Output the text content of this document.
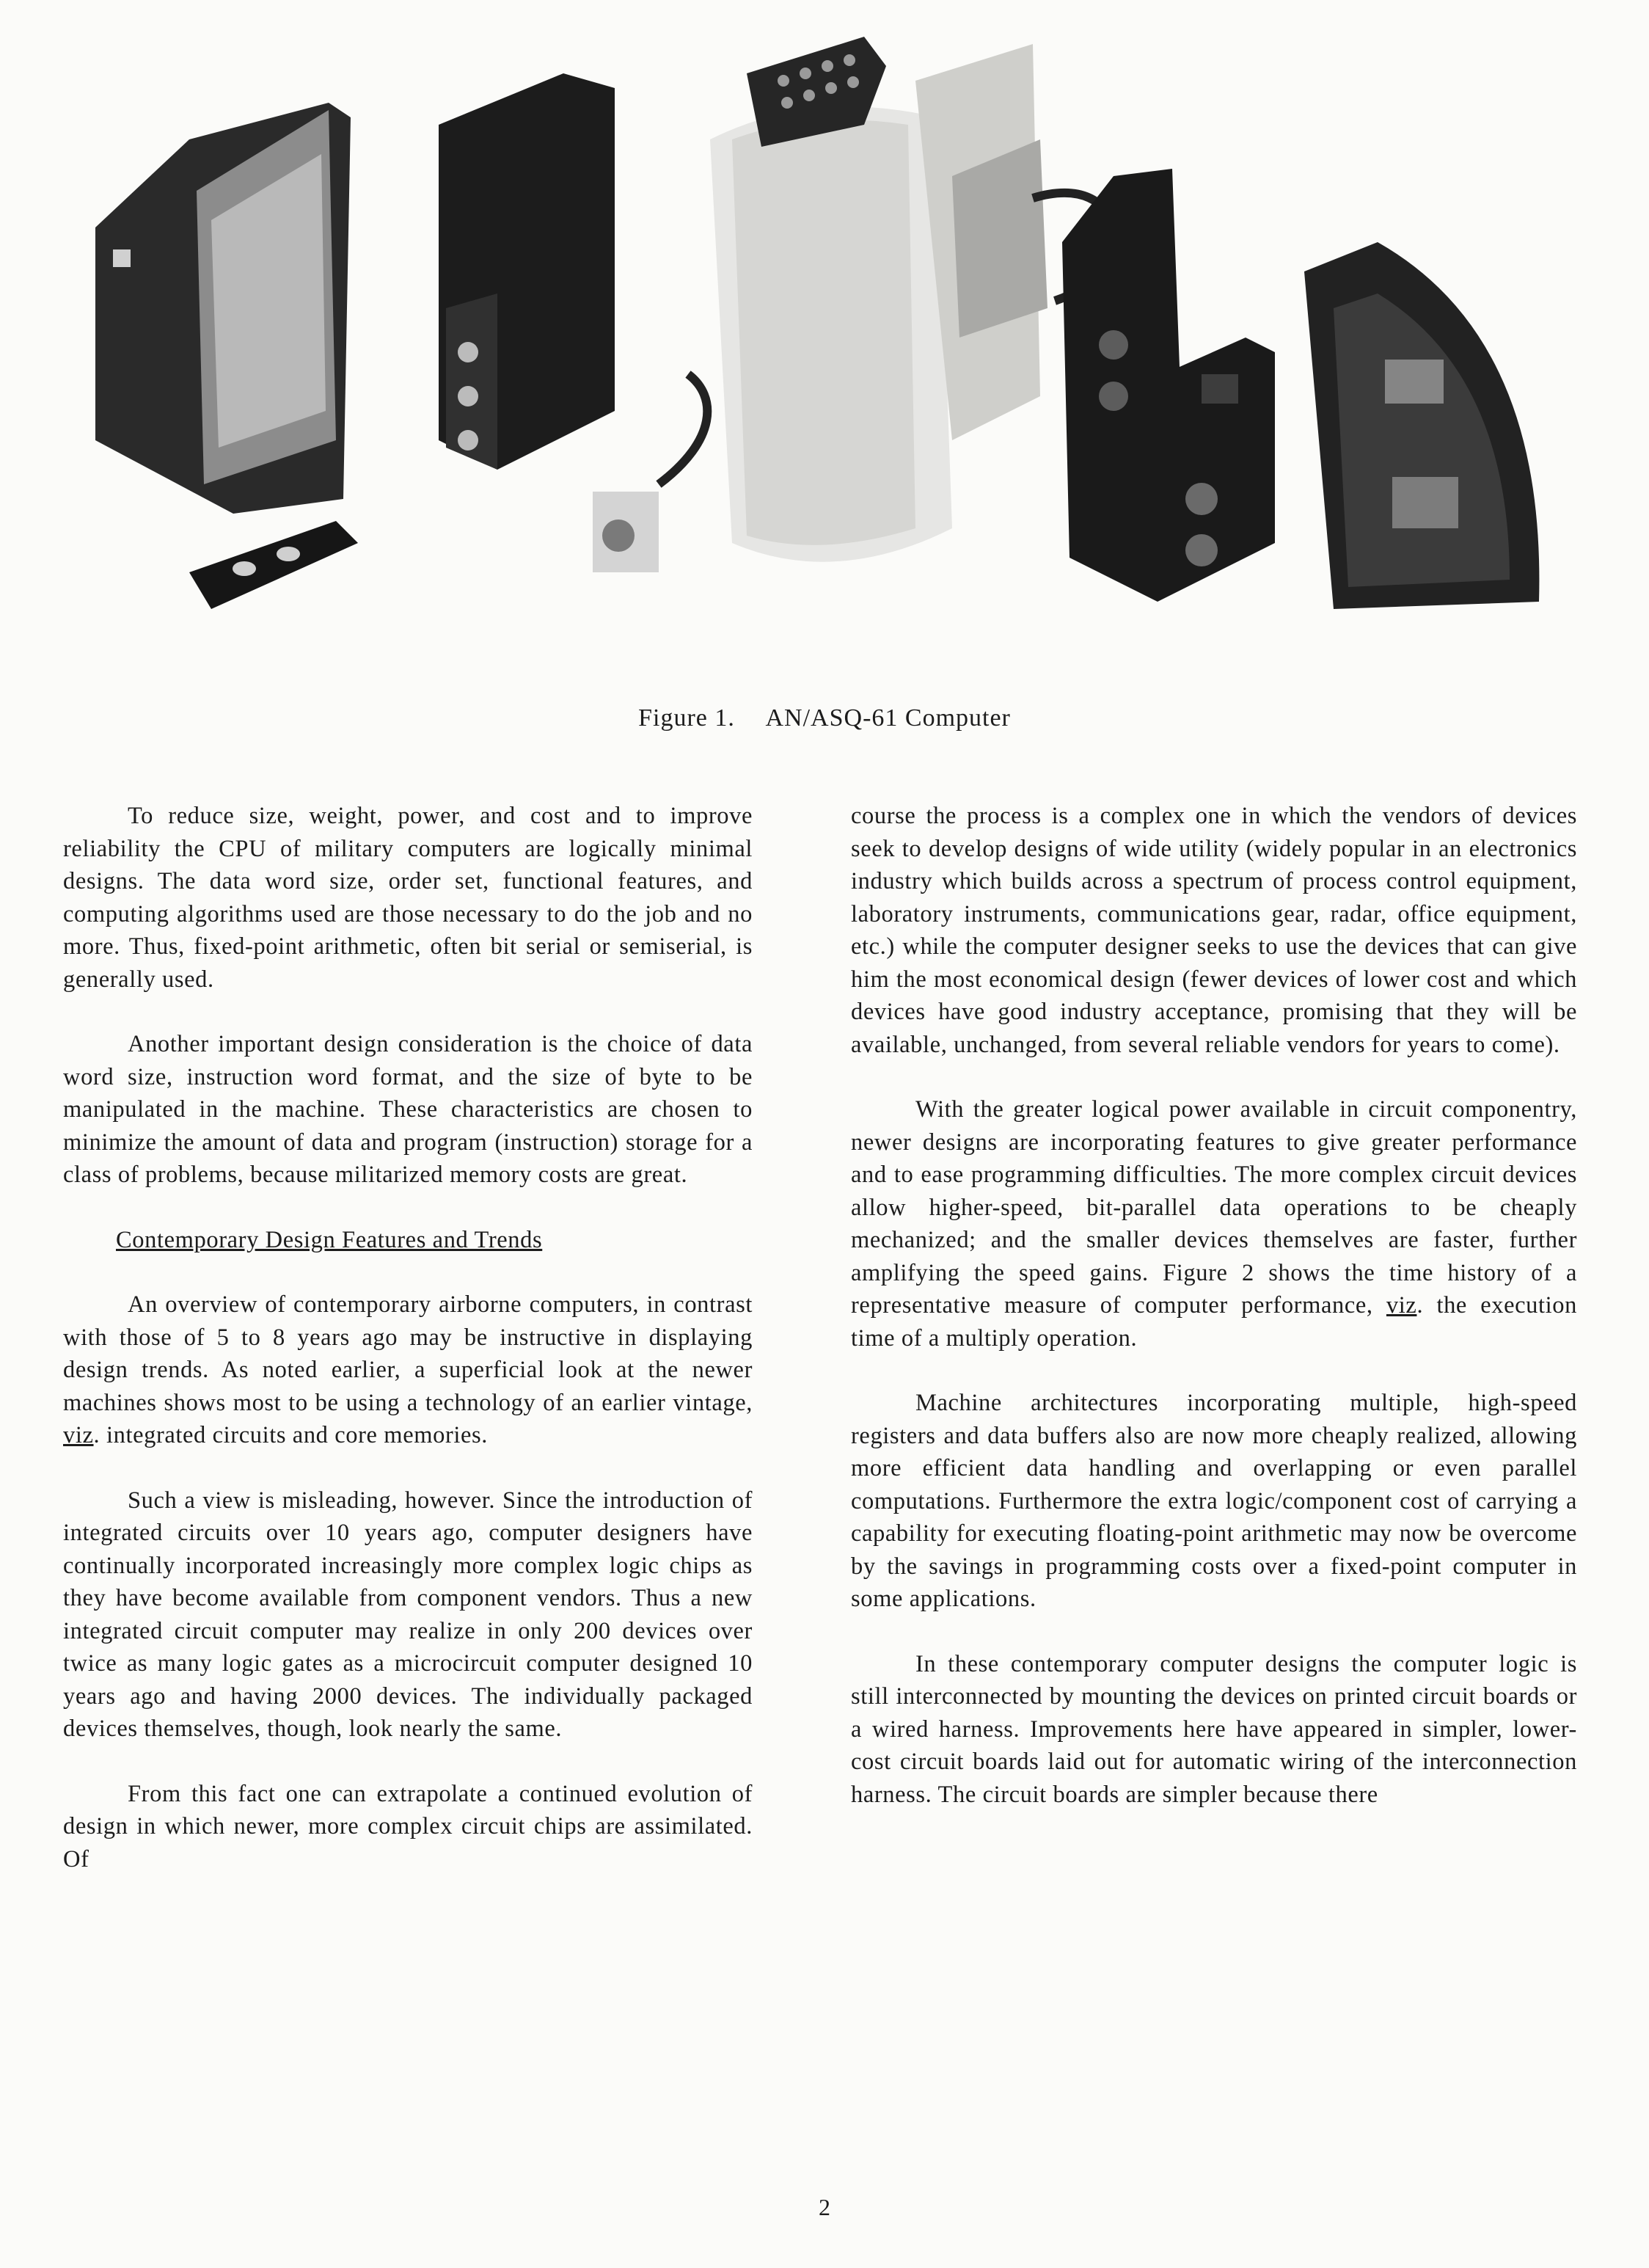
Figure 1. AN/ASQ-61 Computer

To reduce size, weight, power, and cost and to improve reliability the CPU of military computers are logically minimal designs. The data word size, order set, functional features, and computing algorithms used are those necessary to do the job and no more. Thus, fixed-point arithmetic, often bit serial or semiserial, is generally used.

Another important design consideration is the choice of data word size, instruction word format, and the size of byte to be manipulated in the machine. These characteristics are chosen to minimize the amount of data and program (instruction) storage for a class of problems, because militarized memory costs are great.

Contemporary Design Features and Trends

An overview of contemporary airborne computers, in contrast with those of 5 to 8 years ago may be instructive in displaying design trends. As noted earlier, a superficial look at the newer machines shows most to be using a technology of an earlier vintage, viz. integrated circuits and core memories.

Such a view is misleading, however. Since the introduction of integrated circuits over 10 years ago, computer designers have continually incorporated increasingly more complex logic chips as they have become available from component vendors. Thus a new integrated circuit computer may realize in only 200 devices over twice as many logic gates as a microcircuit computer designed 10 years ago and having 2000 devices. The individually packaged devices themselves, though, look nearly the same.

From this fact one can extrapolate a continued evolution of design in which newer, more complex circuit chips are assimilated. Of

course the process is a complex one in which the vendors of devices seek to develop designs of wide utility (widely popular in an electronics industry which builds across a spectrum of process control equipment, laboratory instruments, communications gear, radar, office equipment, etc.) while the computer designer seeks to use the devices that can give him the most economical design (fewer devices of lower cost and which devices have good industry acceptance, promising that they will be available, unchanged, from several reliable vendors for years to come).

With the greater logical power available in circuit componentry, newer designs are incorporating features to give greater performance and to ease programming difficulties. The more complex circuit devices allow higher-speed, bit-parallel data operations to be cheaply mechanized; and the smaller devices themselves are faster, further amplifying the speed gains. Figure 2 shows the time history of a representative measure of computer performance, viz. the execution time of a multiply operation.

Machine architectures incorporating multiple, high-speed registers and data buffers also are now more cheaply realized, allowing more efficient data handling and overlapping or even parallel computations. Furthermore the extra logic/component cost of carrying a capability for executing floating-point arithmetic may now be overcome by the savings in programming costs over a fixed-point computer in some applications.

In these contemporary computer designs the computer logic is still interconnected by mounting the devices on printed circuit boards or a wired harness. Improvements here have appeared in simpler, lower-cost circuit boards laid out for automatic wiring of the interconnection harness. The circuit boards are simpler because there

2
